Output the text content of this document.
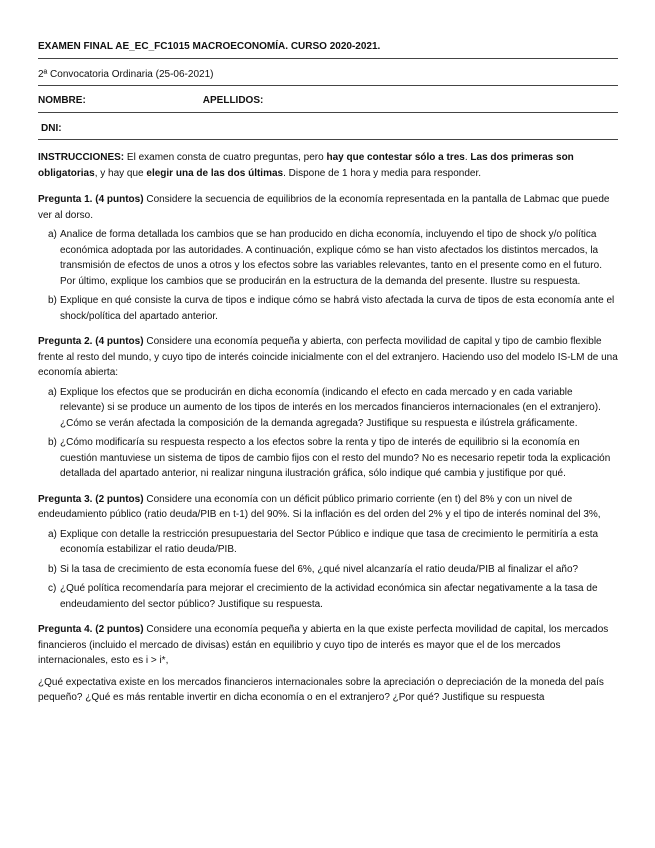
EXAMEN FINAL AE_EC_FC1015 MACROECONOMÍA. CURSO 2020-2021.
2ª Convocatoria Ordinaria (25-06-2021)
NOMBRE:	APELLIDOS:
DNI:

INSTRUCCIONES: El examen consta de cuatro preguntas, pero hay que contestar sólo a tres. Las dos primeras son obligatorias, y hay que elegir una de las dos últimas. Dispone de 1 hora y media para responder.

Pregunta 1. (4 puntos) Considere la secuencia de equilibrios de la economía representada en la pantalla de Labmac que puede ver al dorso.

a) Analice de forma detallada los cambios que se han producido en dicha economía, incluyendo el tipo de shock y/o política económica adoptada por las autoridades. A continuación, explique cómo se han visto afectados los distintos mercados, la transmisión de efectos de unos a otros y los efectos sobre las variables relevantes, tanto en el presente como en el futuro. Por último, explique los cambios que se producirán en la estructura de la demanda del presente. Ilustre su respuesta.
b) Explique en qué consiste la curva de tipos e indique cómo se habrá visto afectada la curva de tipos de esta economía ante el shock/política del apartado anterior.

Pregunta 2. (4 puntos) Considere una economía pequeña y abierta, con perfecta movilidad de capital y tipo de cambio flexible frente al resto del mundo, y cuyo tipo de interés coincide inicialmente con el del extranjero. Haciendo uso del modelo IS-LM de una economía abierta:

a) Explique los efectos que se producirán en dicha economía (indicando el efecto en cada mercado y en cada variable relevante) si se produce un aumento de los tipos de interés en los mercados financieros internacionales (en el extranjero). ¿Cómo se verán afectada la composición de la demanda agregada? Justifique su respuesta e ilústrela gráficamente.
b) ¿Cómo modificaría su respuesta respecto a los efectos sobre la renta y tipo de interés de equilibrio si la economía en cuestión mantuviese un sistema de tipos de cambio fijos con el resto del mundo? No es necesario repetir toda la explicación detallada del apartado anterior, ni realizar ninguna ilustración gráfica, sólo indique qué cambia y justifique por qué.

Pregunta 3. (2 puntos) Considere una economía con un déficit público primario corriente (en t) del 8% y con un nivel de endeudamiento público (ratio deuda/PIB en t-1) del 90%. Si la inflación es del orden del 2% y el tipo de interés nominal del 3%,

a) Explique con detalle la restricción presupuestaria del Sector Público e indique que tasa de crecimiento le permitiría a esta economía estabilizar el ratio deuda/PIB.
b) Si la tasa de crecimiento de esta economía fuese del 6%, ¿qué nivel alcanzaría el ratio deuda/PIB al finalizar el año?
c) ¿Qué política recomendaría para mejorar el crecimiento de la actividad económica sin afectar negativamente a la tasa de endeudamiento del sector público? Justifique su respuesta.

Pregunta 4. (2 puntos) Considere una economía pequeña y abierta en la que existe perfecta movilidad de capital, los mercados financieros (incluido el mercado de divisas) están en equilibrio y cuyo tipo de interés es mayor que el de los mercados internacionales, esto es i > i*,

¿Qué expectativa existe en los mercados financieros internacionales sobre la apreciación o depreciación de la moneda del país pequeño? ¿Qué es más rentable invertir en dicha economía o en el extranjero? ¿Por qué? Justifique su respuesta
